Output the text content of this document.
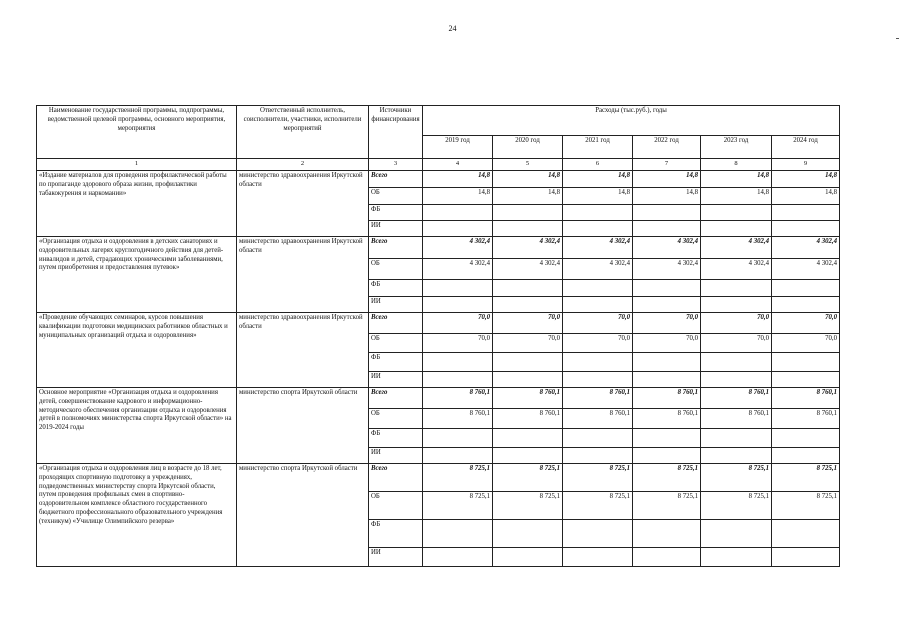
24
Наименование государственной программы, подпрограммы, ведомственной целевой программы, основного мероприятия, мероприятия	Ответственный исполнитель, соисполнители, участники, исполнители мероприятий	Источники финансирования	Расходы (тыс.руб.), годы					
			2019 год	2020 год	2021 год	2022 год	2023 год	2024 год
1	2	3	4	5	6	7	8	9
«Издание материалов для проведения профилактической работы по пропаганде здорового образа жизни, профилактики табакокурения и наркомании»	министерство здравоохранения Иркутской области	Всего	14,8	14,8	14,8	14,8	14,8	14,8
		ОБ	14,8	14,8	14,8	14,8	14,8	14,8
		ФБ						
		ИИ						
«Организация отдыха и оздоровления в детских санаториях и оздоровительных лагерях круглогодичного действия для детей-инвалидов и детей, страдающих хроническими заболеваниями, путем приобретения и предоставления путевок»	министерство здравоохранения Иркутской области	Всего	4 302,4	4 302,4	4 302,4	4 302,4	4 302,4	4 302,4
		ОБ	4 302,4	4 302,4	4 302,4	4 302,4	4 302,4	4 302,4
		ФБ						
		ИИ						
«Проведение обучающих семинаров, курсов повышения квалификации подготовки медицинских работников областных и муниципальных организаций отдыха и оздоровления»	министерство здравоохранения Иркутской области	Всего	70,0	70,0	70,0	70,0	70,0	70,0
		ОБ	70,0	70,0	70,0	70,0	70,0	70,0
		ФБ						
		ИИ						
Основное мероприятие «Организация отдыха и оздоровления детей, совершенствование кадрового и информационно-методического обеспечения организации отдыха и оздоровления детей в полномочиях министерства спорта Иркутской области» на 2019-2024 годы	министерство спорта Иркутской области	Всего	8 760,1	8 760,1	8 760,1	8 760,1	8 760,1	8 760,1
		ОБ	8 760,1	8 760,1	8 760,1	8 760,1	8 760,1	8 760,1
		ФБ						
		ИИ						
«Организация отдыха и оздоровления лиц в возрасте до 18 лет, проходящих спортивную подготовку в учреждениях, подведомственных министерству спорта Иркутской области, путем проведения профильных смен в спортивно-оздоровительном комплексе областного государственного бюджетного профессионального образовательного учреждения (техникум) «Училище Олимпийского резерва»	министерство спорта Иркутской области	Всего	8 725,1	8 725,1	8 725,1	8 725,1	8 725,1	8 725,1
		ОБ	8 725,1	8 725,1	8 725,1	8 725,1	8 725,1	8 725,1
		ФБ						
		ИИ						
